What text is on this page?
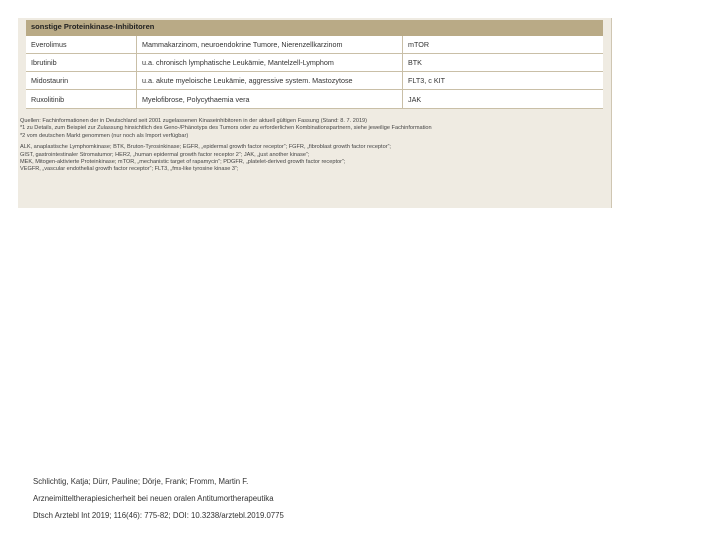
sonstige Proteinkinase-Inhibitoren
Everolimus	Mammakarzinom, neuroendokrine Tumore, Nierenzellkarzinom	mTOR
Ibrutinib	u.a. chronisch lymphatische Leukämie, Mantelzell-Lymphom	BTK
Midostaurin	u.a. akute myeloische Leukämie, aggressive system. Mastozytose	FLT3, c KIT
Ruxolitinib	Myelofibrose, Polycythaemia vera	JAK

Quellen: Fachinformationen der in Deutschland seit 2001 zugelassenen Kinaseinhibitoren in der aktuell gültigen Fassung (Stand: 8. 7. 2019)

*1 zu Details, zum Beispiel zur Zulassung hinsichtlich des Geno-/Phänotyps des Tumors oder zu erforderlichen Kombinationspartnern, siehe jeweilige Fachinformation

*2 vom deutschen Markt genommen (nur noch als Import verfügbar)

ALK, anaplastische Lymphomkinase; BTK, Bruton-Tyrosinkinase; EGFR, „epidermal growth factor receptor“; FGFR, „fibroblast growth factor receptor“;

GIST, gastrointestinaler Stromatumor; HER2, „human epidermal growth factor receptor 2“; JAK, „just another kinase“;

MEK, Mitogen-aktivierte Proteinkinase; mTOR, „mechanistic target of rapamycin“; PDGFR, „platelet-derived growth factor receptor“;

VEGFR, „vascular endothelial growth factor receptor“; FLT3, „fms-like tyrosine kinase 3“;

Schlichtig, Katja; Dürr, Pauline; Dörje, Frank; Fromm, Martin F.

Arzneimitteltherapiesicherheit bei neuen oralen Antitumortherapeutika

Dtsch Arztebl Int 2019; 116(46): 775-82; DOI: 10.3238/arztebl.2019.0775
